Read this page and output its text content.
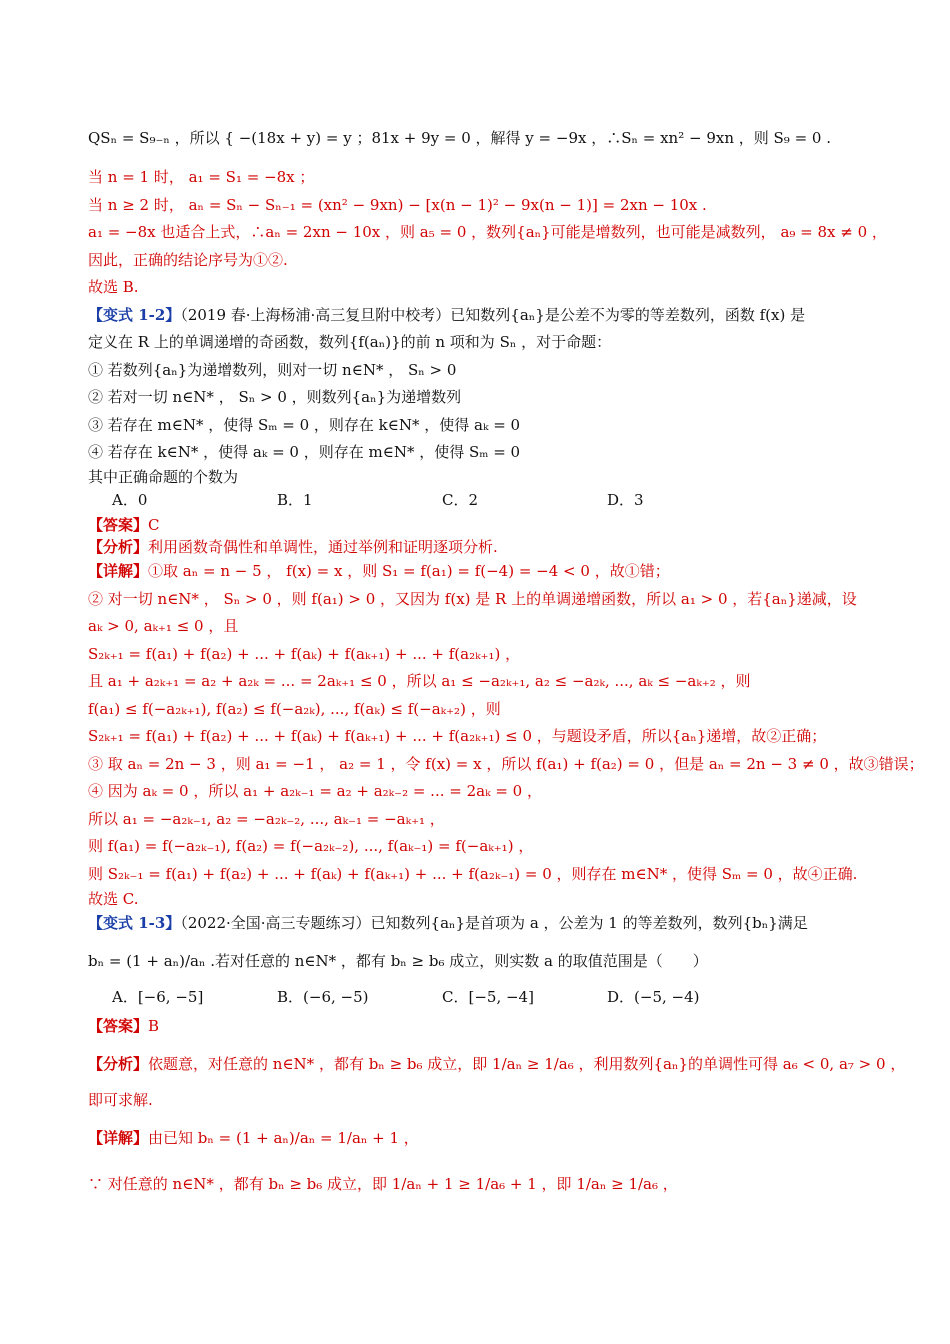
QSₙ = S₉₋ₙ ，所以 { −(18x + y) = y ；81x + 9y = 0 ，解得 y = −9x ，∴Sₙ = xn² − 9xn ，则 S₉ = 0 .

当 n = 1 时， a₁ = S₁ = −8x ；

当 n ≥ 2 时， aₙ = Sₙ − Sₙ₋₁ = (xn² − 9xn) − [x(n − 1)² − 9x(n − 1)] = 2xn − 10x .

a₁ = −8x 也适合上式，∴aₙ = 2xn − 10x ，则 a₅ = 0 ，数列{aₙ}可能是增数列，也可能是减数列， a₉ = 8x ≠ 0 ，

因此，正确的结论序号为①②.

故选 B.

【变式 1-2】（2019 春·上海杨浦·高三复旦附中校考）已知数列{aₙ}是公差不为零的等差数列，函数 f(x) 是

定义在 R 上的单调递增的奇函数，数列{f(aₙ)}的前 n 项和为 Sₙ ，对于命题：

① 若数列{aₙ}为递增数列，则对一切 n∈N* ， Sₙ > 0

② 若对一切 n∈N* ， Sₙ > 0 ，则数列{aₙ}为递增数列

③ 若存在 m∈N* ，使得 Sₘ = 0 ，则存在 k∈N* ，使得 aₖ = 0

④ 若存在 k∈N* ，使得 aₖ = 0 ，则存在 m∈N* ，使得 Sₘ = 0

其中正确命题的个数为

A．0	B．1	C．2	D．3

【答案】C

【分析】利用函数奇偶性和单调性，通过举例和证明逐项分析.

【详解】①取 aₙ = n − 5 ， f(x) = x ，则 S₁ = f(a₁) = f(−4) = −4 < 0 ，故①错；

② 对一切 n∈N* ， Sₙ > 0 ，则 f(a₁) > 0 ，又因为 f(x) 是 R 上的单调递增函数，所以 a₁ > 0 ，若{aₙ}递减，设

aₖ > 0, aₖ₊₁ ≤ 0 ，且

S₂ₖ₊₁ = f(a₁) + f(a₂) + ... + f(aₖ) + f(aₖ₊₁) + ... + f(a₂ₖ₊₁) ，

且 a₁ + a₂ₖ₊₁ = a₂ + a₂ₖ = ... = 2aₖ₊₁ ≤ 0 ，所以 a₁ ≤ −a₂ₖ₊₁, a₂ ≤ −a₂ₖ, ..., aₖ ≤ −aₖ₊₂ ，则

f(a₁) ≤ f(−a₂ₖ₊₁), f(a₂) ≤ f(−a₂ₖ), ..., f(aₖ) ≤ f(−aₖ₊₂) ，则

S₂ₖ₊₁ = f(a₁) + f(a₂) + ... + f(aₖ) + f(aₖ₊₁) + ... + f(a₂ₖ₊₁) ≤ 0 ，与题设矛盾，所以{aₙ}递增，故②正确；

③ 取 aₙ = 2n − 3 ，则 a₁ = −1 ， a₂ = 1 ，令 f(x) = x ，所以 f(a₁) + f(a₂) = 0 ，但是 aₙ = 2n − 3 ≠ 0 ，故③错误；

④ 因为 aₖ = 0 ，所以 a₁ + a₂ₖ₋₁ = a₂ + a₂ₖ₋₂ = ... = 2aₖ = 0 ，

所以 a₁ = −a₂ₖ₋₁, a₂ = −a₂ₖ₋₂, ..., aₖ₋₁ = −aₖ₊₁ ，

则 f(a₁) = f(−a₂ₖ₋₁), f(a₂) = f(−a₂ₖ₋₂), ..., f(aₖ₋₁) = f(−aₖ₊₁) ，

则 S₂ₖ₋₁ = f(a₁) + f(a₂) + ... + f(aₖ) + f(aₖ₊₁) + ... + f(a₂ₖ₋₁) = 0 ，则存在 m∈N* ，使得 Sₘ = 0 ，故④正确.

故选 C.

【变式 1-3】（2022·全国·高三专题练习）已知数列{aₙ}是首项为 a ，公差为 1 的等差数列，数列{bₙ}满足

bₙ = (1 + aₙ)/aₙ .若对任意的 n∈N* ，都有 bₙ ≥ b₆ 成立，则实数 a 的取值范围是（　　）

A．[−6, −5]	B．(−6, −5)	C．[−5, −4]	D．(−5, −4)

【答案】B

【分析】依题意，对任意的 n∈N* ，都有 bₙ ≥ b₆ 成立，即 1/aₙ ≥ 1/a₆ ，利用数列{aₙ}的单调性可得 a₆ < 0, a₇ > 0 ，

即可求解.

【详解】由已知 bₙ = (1 + aₙ)/aₙ = 1/aₙ + 1 ，

∵ 对任意的 n∈N* ，都有 bₙ ≥ b₆ 成立，即 1/aₙ + 1 ≥ 1/a₆ + 1 ，即 1/aₙ ≥ 1/a₆ ，
